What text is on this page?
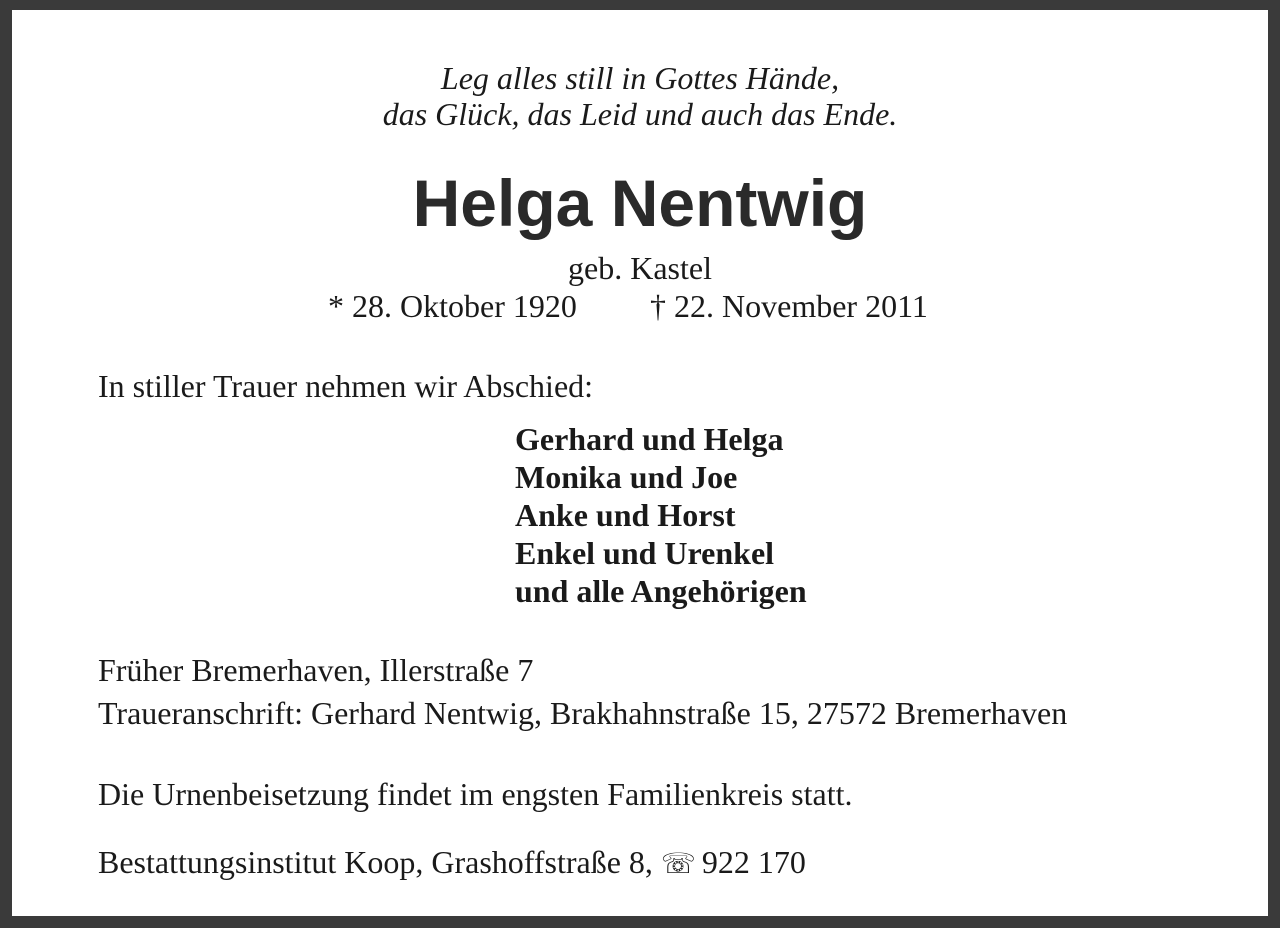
Leg alles still in Gottes Hände,
das Glück, das Leid und auch das Ende.
Helga Nentwig
geb. Kastel
* 28. Oktober 1920 † 22. November 2011
In stiller Trauer nehmen wir Abschied:
Gerhard und Helga
Monika und Joe
Anke und Horst
Enkel und Urenkel
und alle Angehörigen
Früher Bremerhaven, Illerstraße 7
Traueranschrift: Gerhard Nentwig, Brakhahnstraße 15, 27572 Bremerhaven
Die Urnenbeisetzung findet im engsten Familienkreis statt.
Bestattungsinstitut Koop, Grashoffstraße 8, ☏ 922 170
